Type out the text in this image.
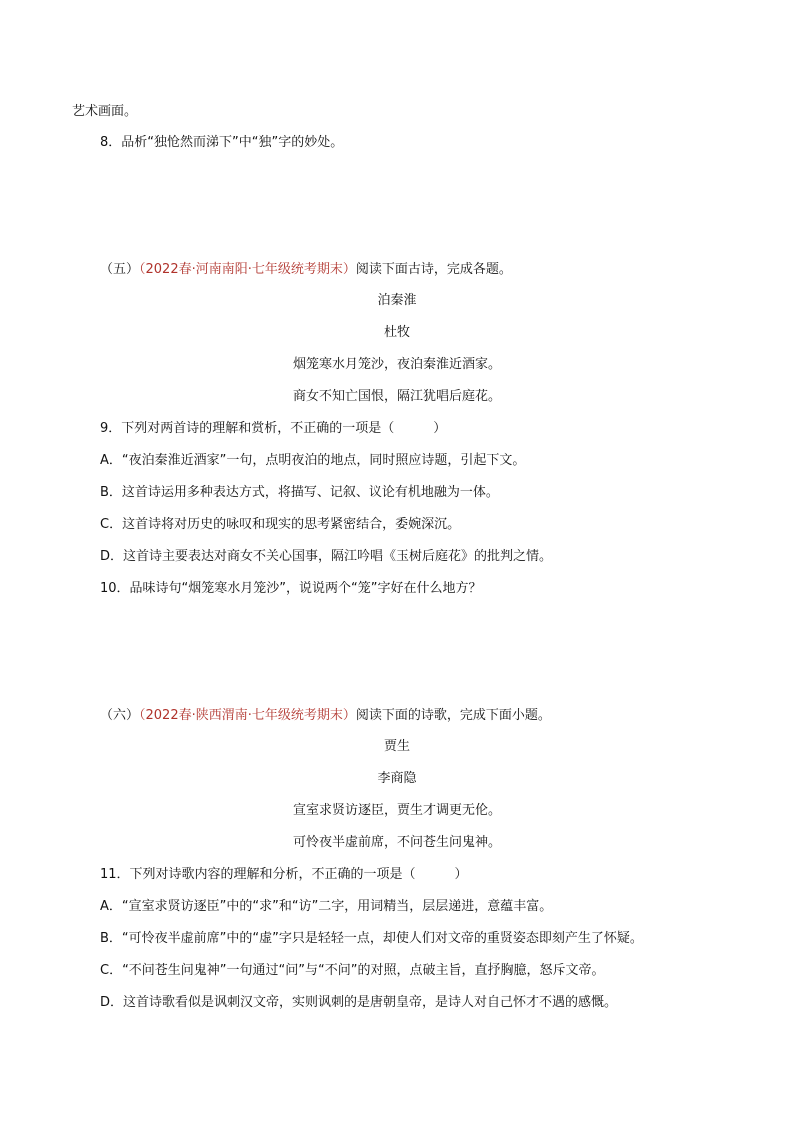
艺术画面。
8．品析“独怆然而涕下”中“独”字的妙处。
（五）（2022春·河南南阳·七年级统考期末）阅读下面古诗，完成各题。
泊秦淮
杜牧
烟笼寒水月笼沙，夜泊秦淮近酒家。
商女不知亡国恨，隔江犹唱后庭花。
9．下列对两首诗的理解和赏析，不正确的一项是（　　　）
A．“夜泊秦淮近酒家”一句，点明夜泊的地点，同时照应诗题，引起下文。
B．这首诗运用多种表达方式，将描写、记叙、议论有机地融为一体。
C．这首诗将对历史的咏叹和现实的思考紧密结合，委婉深沉。
D．这首诗主要表达对商女不关心国事，隔江吟唱《玉树后庭花》的批判之情。
10．品味诗句“烟笼寒水月笼沙”，说说两个“笼”字好在什么地方？
（六）（2022春·陕西渭南·七年级统考期末）阅读下面的诗歌，完成下面小题。
贾生
李商隐
宣室求贤访逐臣，贾生才调更无伦。
可怜夜半虚前席，不问苍生问鬼神。
11．下列对诗歌内容的理解和分析，不正确的一项是（　　　）
A．“宣室求贤访逐臣”中的“求”和“访”二字，用词精当，层层递进，意蕴丰富。
B．“可怜夜半虚前席”中的“虚”字只是轻轻一点，却使人们对文帝的重贤姿态即刻产生了怀疑。
C．“不问苍生问鬼神”一句通过“问”与“不问”的对照，点破主旨，直抒胸臆，怒斥文帝。
D．这首诗歌看似是讽刺汉文帝，实则讽刺的是唐朝皇帝，是诗人对自己怀才不遇的感慨。
